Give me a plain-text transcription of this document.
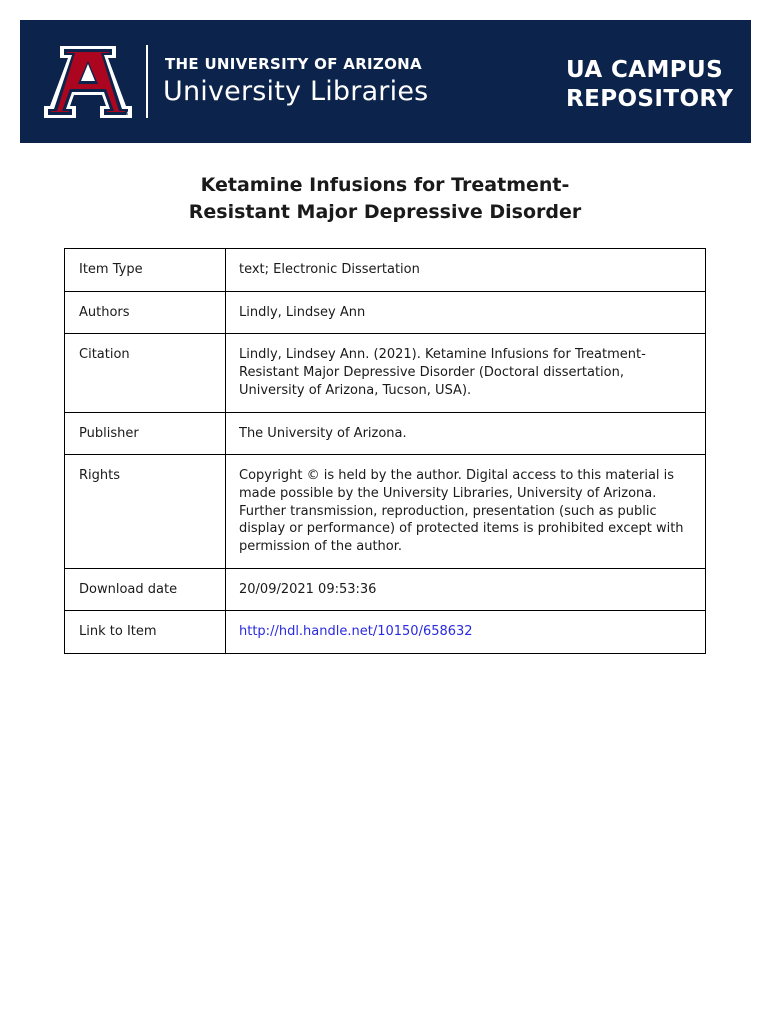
THE UNIVERSITY OF ARIZONA
University Libraries
UA CAMPUS
REPOSITORY
Ketamine Infusions for Treatment-
Resistant Major Depressive Disorder
Item Type	text; Electronic Dissertation
Authors	Lindly, Lindsey Ann
Citation	Lindly, Lindsey Ann. (2021). Ketamine Infusions for Treatment-Resistant Major Depressive Disorder (Doctoral dissertation, University of Arizona, Tucson, USA).
Publisher	The University of Arizona.
Rights	Copyright © is held by the author. Digital access to this material is made possible by the University Libraries, University of Arizona. Further transmission, reproduction, presentation (such as public display or performance) of protected items is prohibited except with permission of the author.
Download date	20/09/2021 09:53:36
Link to Item	http://hdl.handle.net/10150/658632
